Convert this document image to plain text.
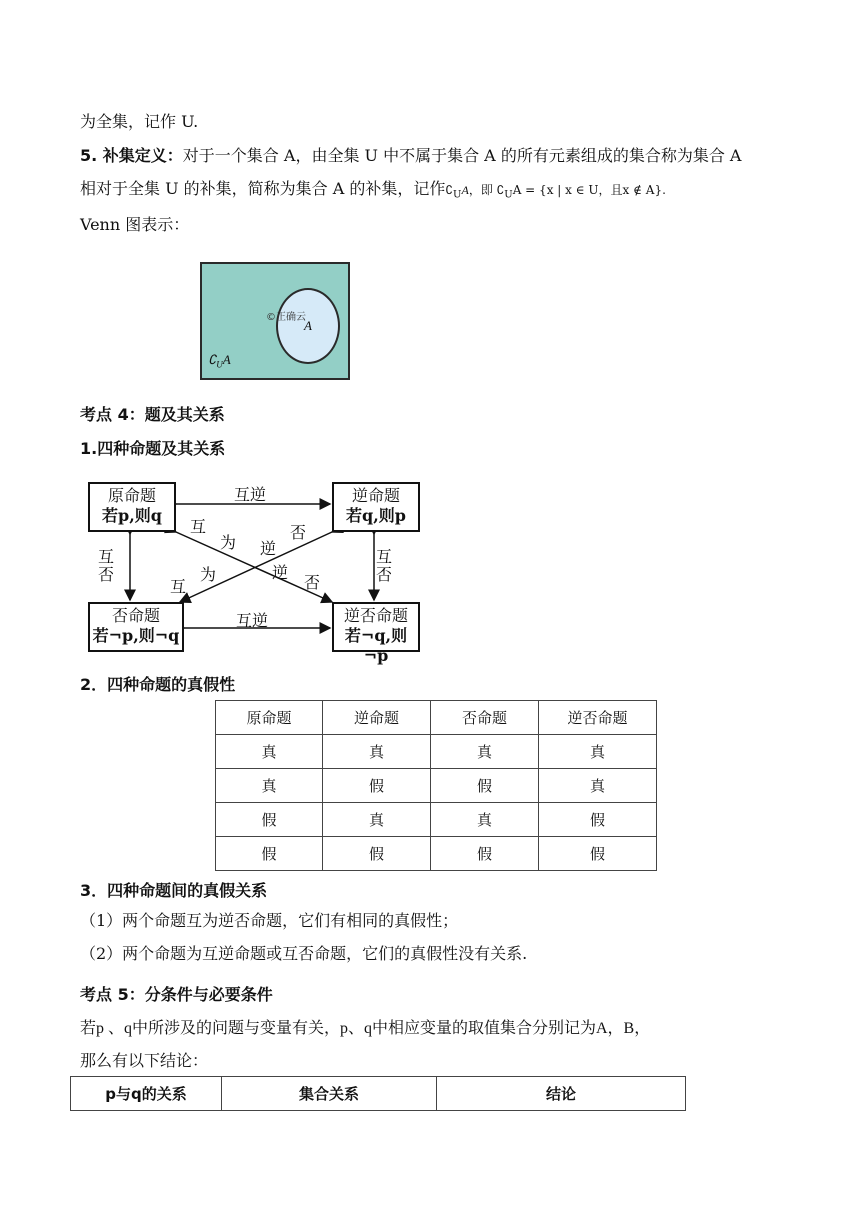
为全集，记作 U.
5. 补集定义：对于一个集合 A，由全集 U 中不属于集合 A 的所有元素组成的集合称为集合 A
相对于全集 U 的补集，简称为集合 A 的补集，记作$∁_UA$，即 $∁_UA = \{x$ | x ∈ U，且x ∉ A}.
Venn 图表示：
©正确云
A
$∁_UA$
考点 4：题及其关系
1.四种命题及其关系
原命题
若p,则q
逆命题
若q,则p
否命题
若¬p,则¬q
逆否命题
若¬q,则¬p
互逆
互逆
互否
互否
互
为 逆
否
互
为	逆
否
2．四种命题的真假性
原命题	逆命题	否命题	逆否命题
真	真	真	真
真	假	假	真
假	真	真	假
假	假	假	假
3．四种命题间的真假关系
（1）两个命题互为逆否命题，它们有相同的真假性；
（2）两个命题为互逆命题或互否命题，它们的真假性没有关系.
考点 5：分条件与必要条件
若p 、q中所涉及的问题与变量有关，p、q中相应变量的取值集合分别记为A，B，
那么有以下结论：
p与q的关系	集合关系	结论
